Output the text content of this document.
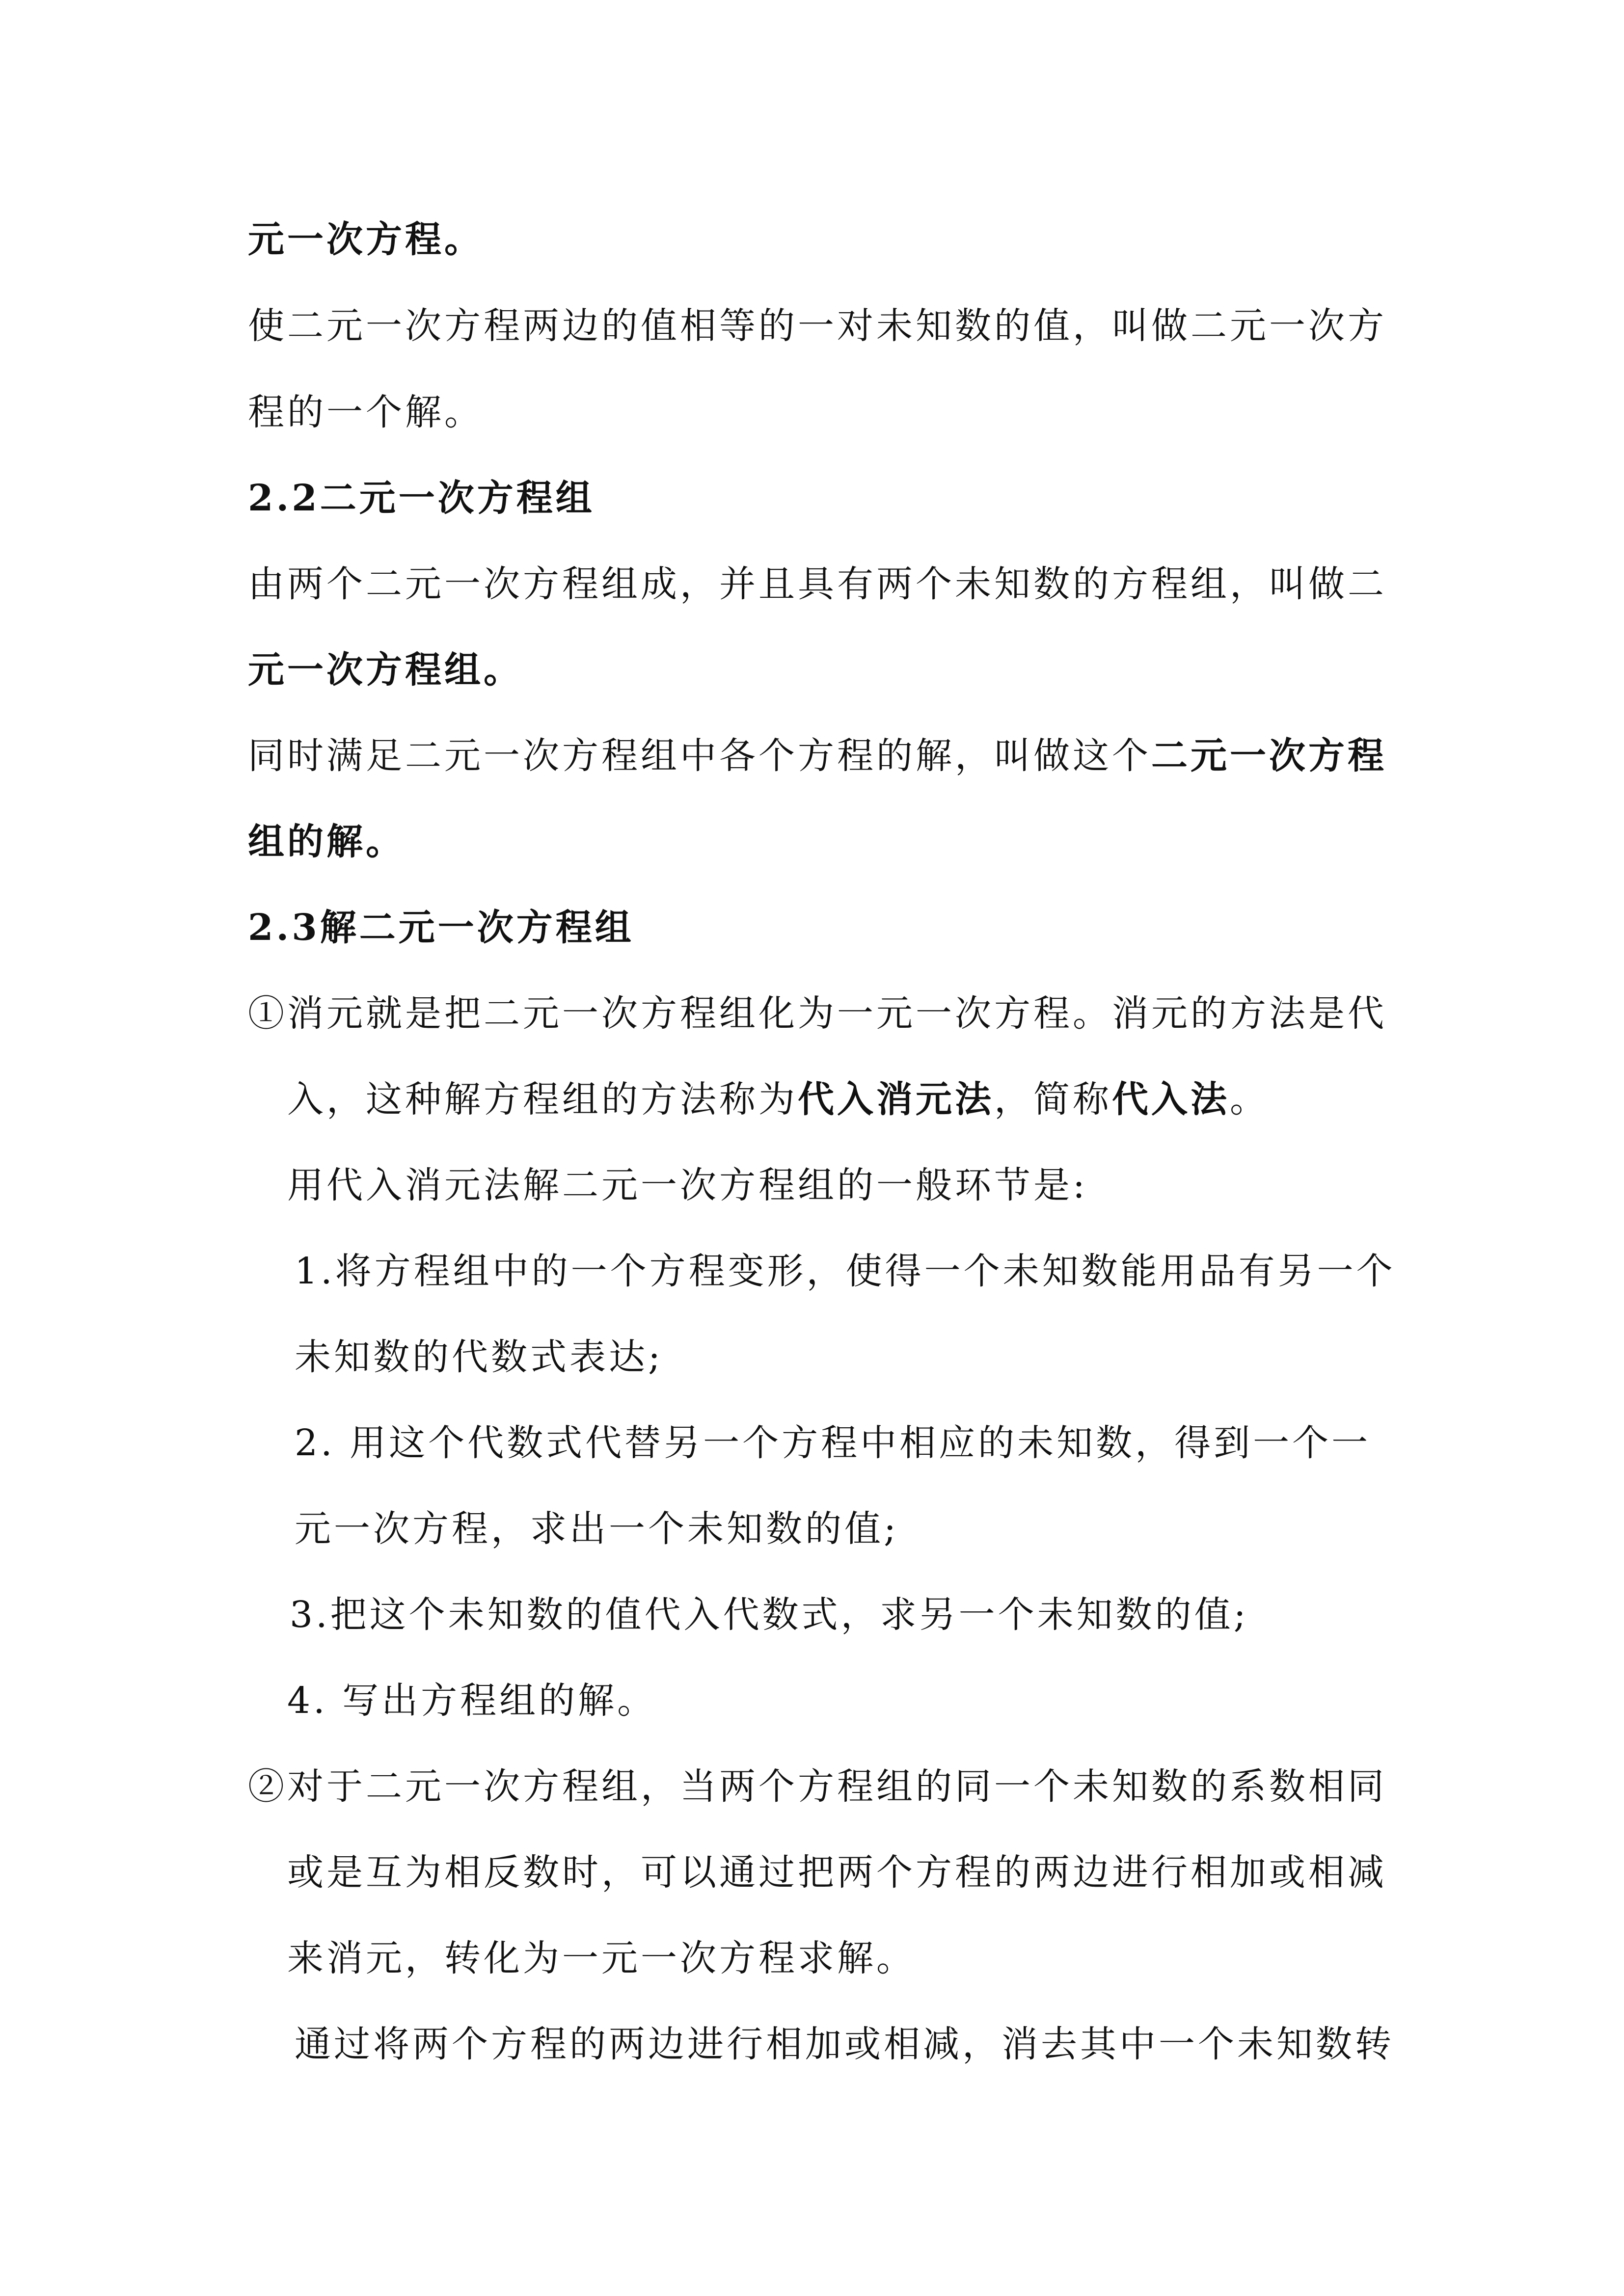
元一次方程。
使二元一次方程两边的值相等的一对未知数的值，叫做二元一次方
程的一个解。
2.2二元一次方程组
由两个二元一次方程组成，并且具有两个未知数的方程组，叫做二
元一次方程组。
同时满足二元一次方程组中各个方程的解，叫做这个二元一次方程
组的解。
2.3解二元一次方程组
①消元就是把二元一次方程组化为一元一次方程。消元的方法是代
入，这种解方程组的方法称为代入消元法，简称代入法。
用代入消元法解二元一次方程组的一般环节是:
1.将方程组中的一个方程变形，使得一个未知数能用品有另一个
未知数的代数式表达;
2. 用这个代数式代替另一个方程中相应的未知数，得到一个一
元一次方程，求出一个未知数的值;
3.把这个未知数的值代入代数式，求另一个未知数的值;
4. 写出方程组的解。
②对于二元一次方程组，当两个方程组的同一个未知数的系数相同
或是互为相反数时，可以通过把两个方程的两边进行相加或相减
来消元，转化为一元一次方程求解。
通过将两个方程的两边进行相加或相减，消去其中一个未知数转
